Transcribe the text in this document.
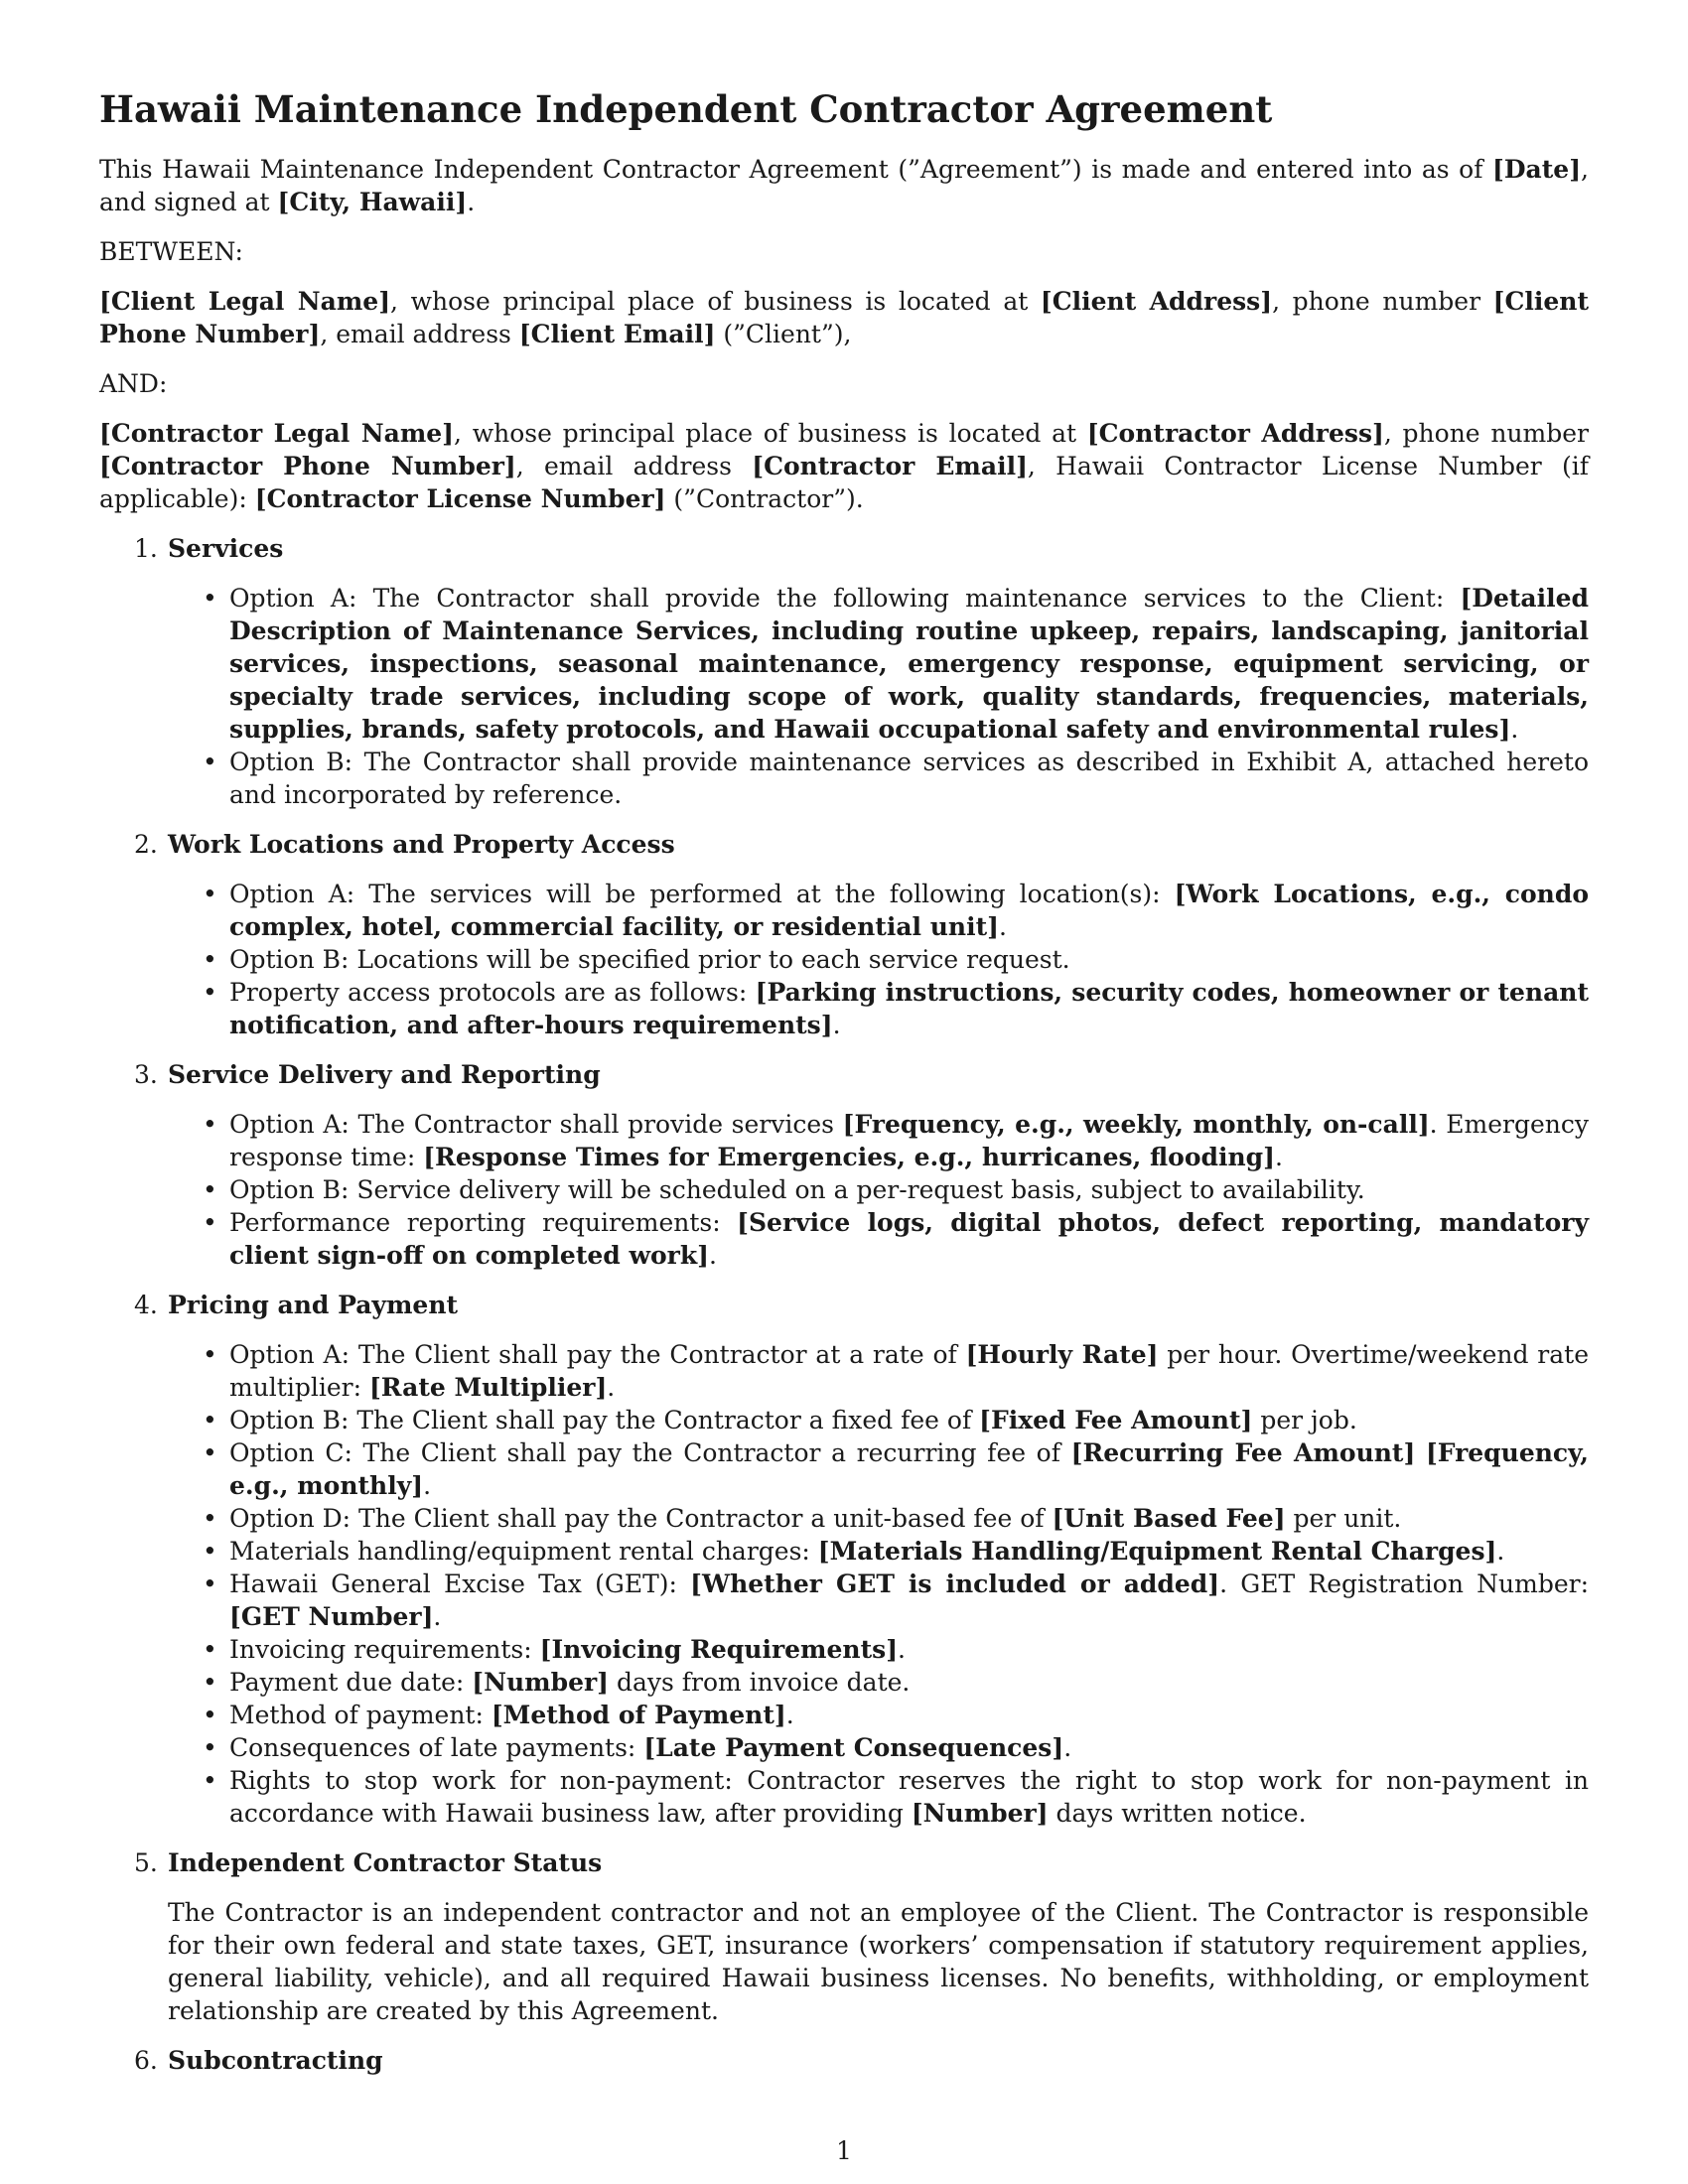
Hawaii Maintenance Independent Contractor Agreement

This Hawaii Maintenance Independent Contractor Agreement (”Agreement”) is made and entered into as of [Date], and signed at [City, Hawaii].

BETWEEN:

[Client Legal Name], whose principal place of business is located at [Client Address], phone number [Client Phone Number], email address [Client Email] (”Client”),

AND:

[Contractor Legal Name], whose principal place of business is located at [Contractor Address], phone number [Contractor Phone Number], email address [Contractor Email], Hawaii Contractor License Number (if applicable): [Contractor License Number] (”Contractor”).

1. Services
• Option A: The Contractor shall provide the following maintenance services to the Client: [Detailed Description of Maintenance Services, including routine upkeep, repairs, landscaping, janitorial services, inspections, seasonal maintenance, emergency response, equipment servicing, or specialty trade services, including scope of work, quality standards, frequencies, materials, supplies, brands, safety protocols, and Hawaii occupational safety and environmental rules].
• Option B: The Contractor shall provide maintenance services as described in Exhibit A, attached hereto and incorporated by reference.
2. Work Locations and Property Access
• Option A: The services will be performed at the following location(s): [Work Locations, e.g., condo complex, hotel, commercial facility, or residential unit].
• Option B: Locations will be specified prior to each service request.
• Property access protocols are as follows: [Parking instructions, security codes, homeowner or tenant notification, and after-hours requirements].
3. Service Delivery and Reporting
• Option A: The Contractor shall provide services [Frequency, e.g., weekly, monthly, on-call]. Emergency response time: [Response Times for Emergencies, e.g., hurricanes, flooding].
• Option B: Service delivery will be scheduled on a per-request basis, subject to availability.
• Performance reporting requirements: [Service logs, digital photos, defect reporting, mandatory client sign-off on completed work].
4. Pricing and Payment
• Option A: The Client shall pay the Contractor at a rate of [Hourly Rate] per hour. Overtime/weekend rate multiplier: [Rate Multiplier].
• Option B: The Client shall pay the Contractor a fixed fee of [Fixed Fee Amount] per job.
• Option C: The Client shall pay the Contractor a recurring fee of [Recurring Fee Amount] [Frequency, e.g., monthly].
• Option D: The Client shall pay the Contractor a unit-based fee of [Unit Based Fee] per unit.
• Materials handling/equipment rental charges: [Materials Handling/Equipment Rental Charges].
• Hawaii General Excise Tax (GET): [Whether GET is included or added]. GET Registration Number: [GET Number].
• Invoicing requirements: [Invoicing Requirements].
• Payment due date: [Number] days from invoice date.
• Method of payment: [Method of Payment].
• Consequences of late payments: [Late Payment Consequences].
• Rights to stop work for non-payment: Contractor reserves the right to stop work for non-payment in accordance with Hawaii business law, after providing [Number] days written notice.
5. Independent Contractor Status
The Contractor is an independent contractor and not an employee of the Client. The Contractor is responsible for their own federal and state taxes, GET, insurance (workers’ compensation if statutory requirement applies, general liability, vehicle), and all required Hawaii business licenses. No benefits, withholding, or employment relationship are created by this Agreement.
6. Subcontracting
1
